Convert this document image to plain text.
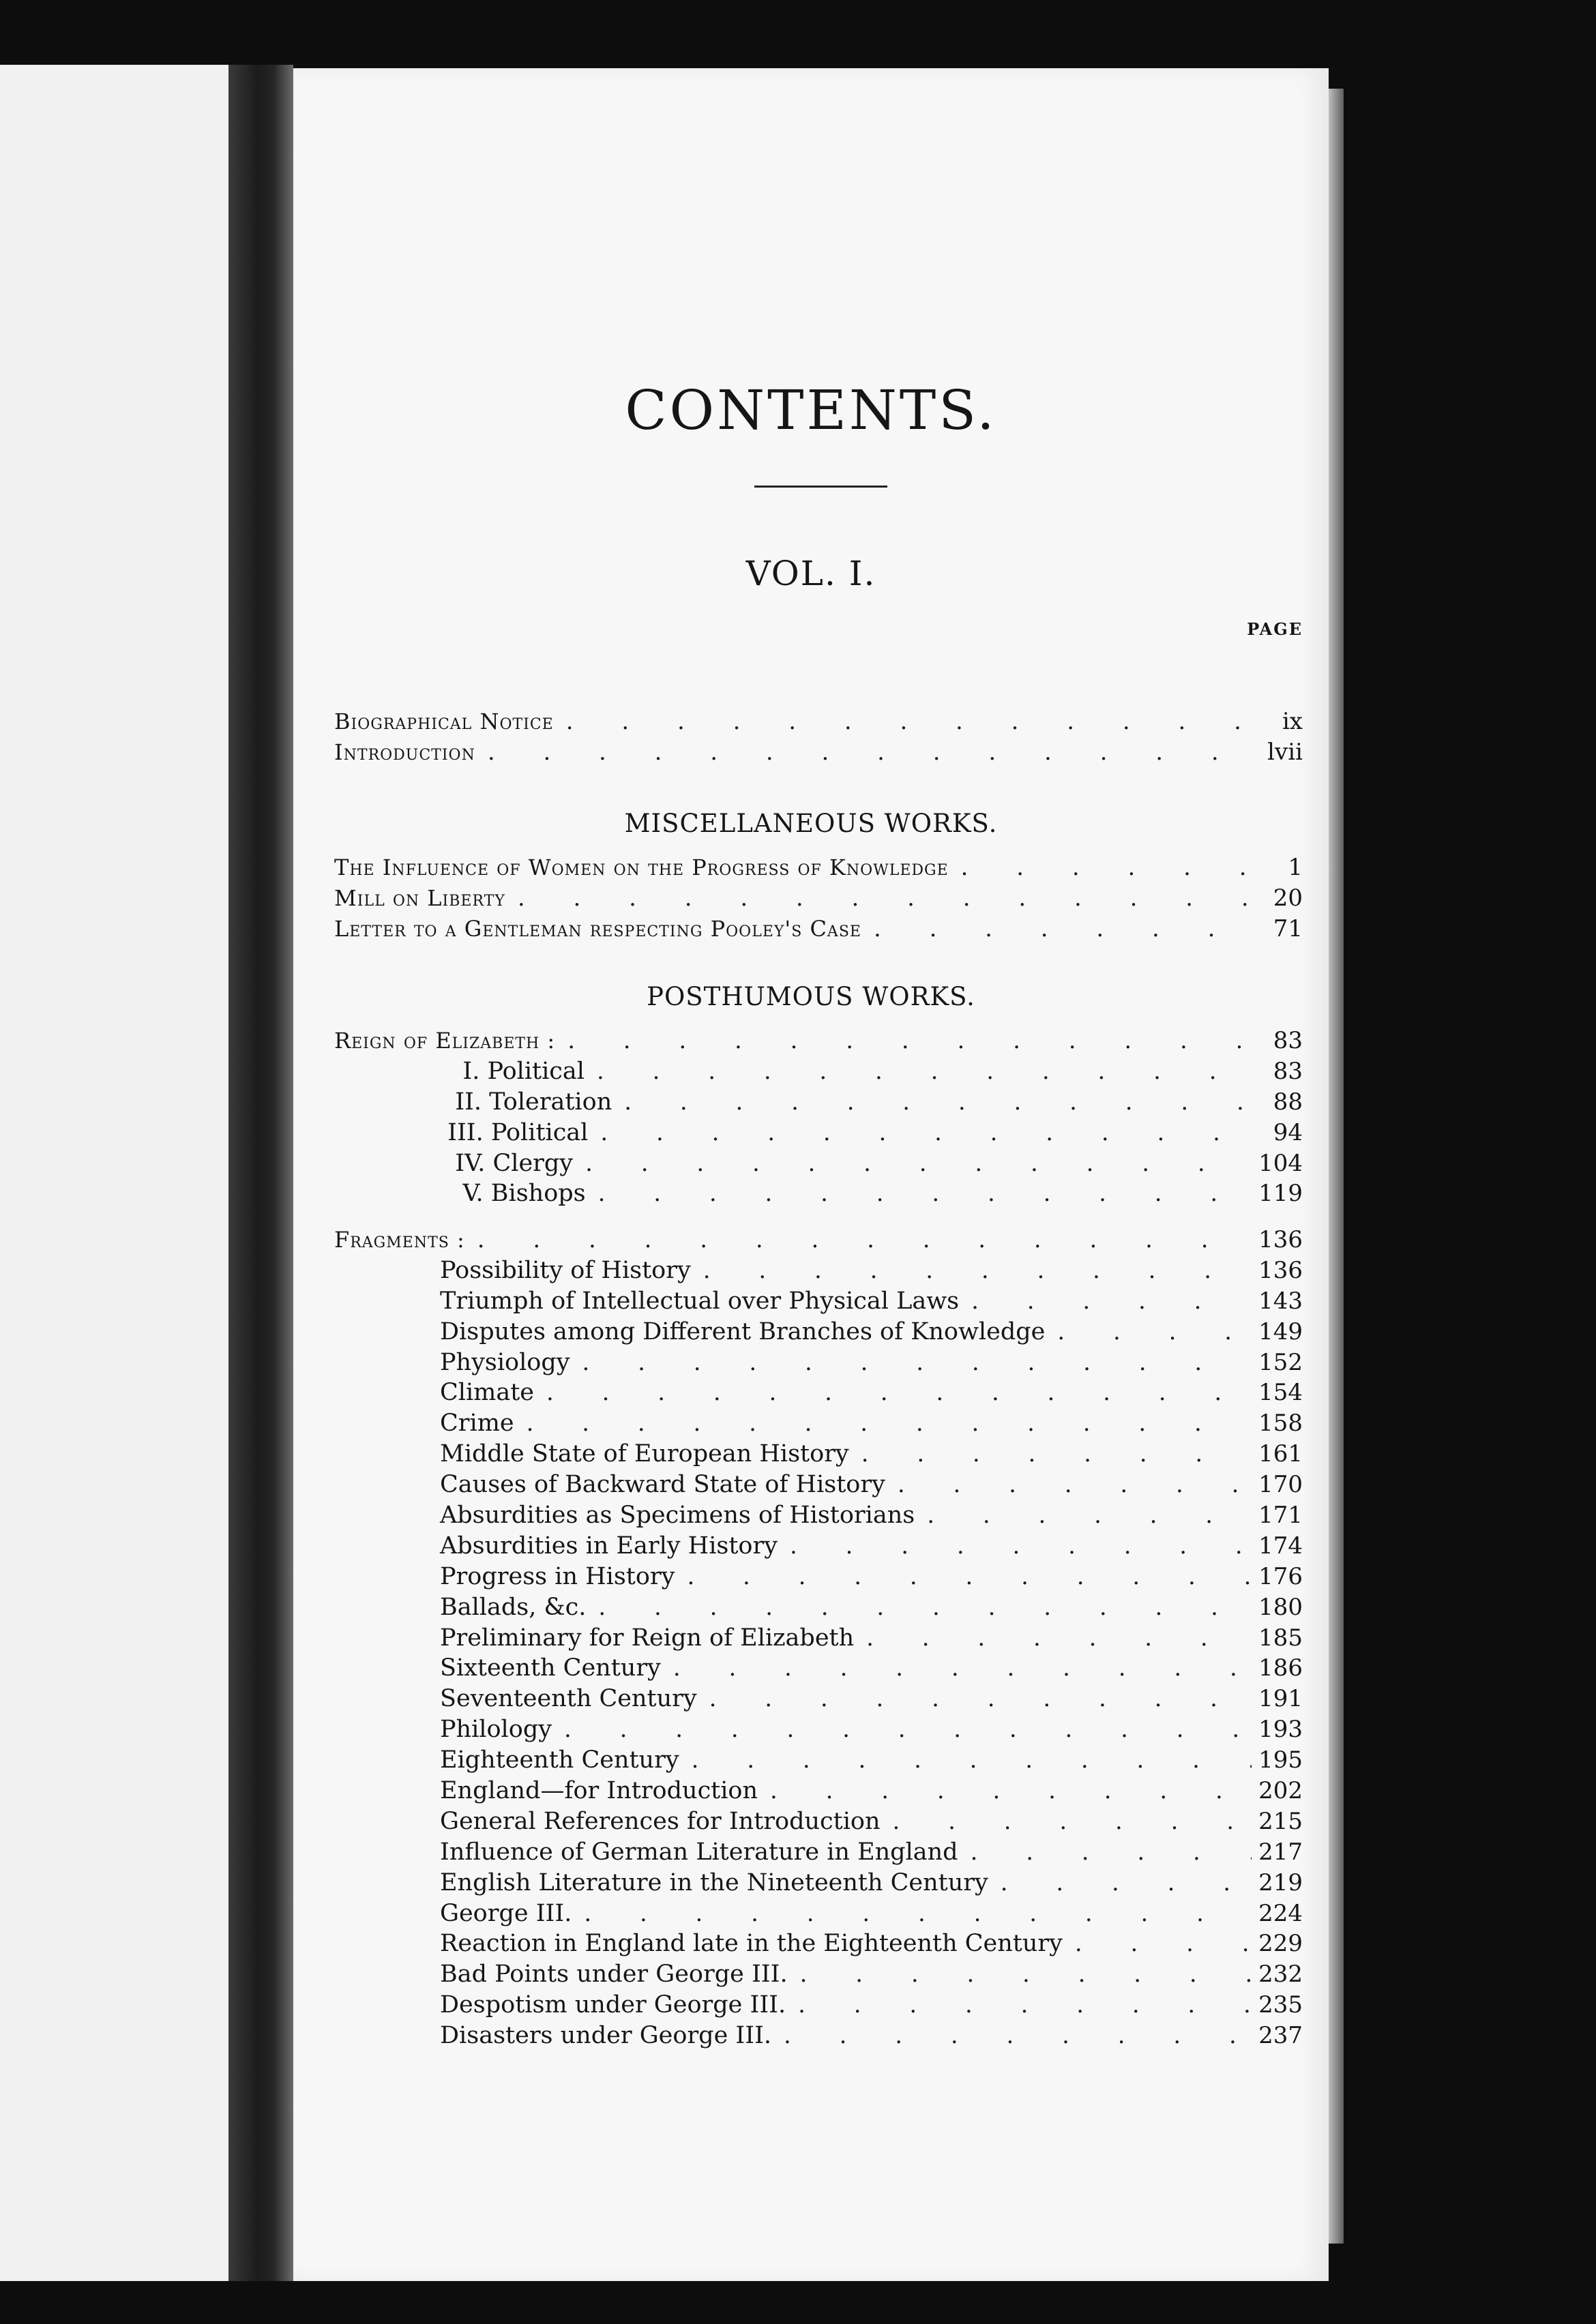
CONTENTS.
VOL. I.
PAGE
Biographical Notice . . .	ix
Introduction . . .	lvii
MISCELLANEOUS WORKS.
The Influence of Women on the Progress of Knowledge . . .	1
Mill on Liberty . . .	20
Letter to a Gentleman respecting Pooley's Case . . .	71
POSTHUMOUS WORKS.
Reign of Elizabeth : . . .	83
I. Political . . .	83
II. Toleration . . .	88
III. Political . . .	94
IV. Clergy . . .	104
V. Bishops . . .	119
Fragments : . . .	136
Possibility of History . . .	136
Triumph of Intellectual over Physical Laws . . .	143
Disputes among Different Branches of Knowledge . . .	149
Physiology . . .	152
Climate . . .	154
Crime . . .	158
Middle State of European History . . .	161
Causes of Backward State of History . . .	170
Absurdities as Specimens of Historians . . .	171
Absurdities in Early History . . .	174
Progress in History . . .	176
Ballads, &c. . . .	180
Preliminary for Reign of Elizabeth . . .	185
Sixteenth Century . . .	186
Seventeenth Century . . .	191
Philology . . .	193
Eighteenth Century . . .	195
England—for Introduction . . .	202
General References for Introduction . . .	215
Influence of German Literature in England . . .	217
English Literature in the Nineteenth Century . . .	219
George III. . . .	224
Reaction in England late in the Eighteenth Century . . .	229
Bad Points under George III. . . .	232
Despotism under George III. . . .	235
Disasters under George III. . . .	237
